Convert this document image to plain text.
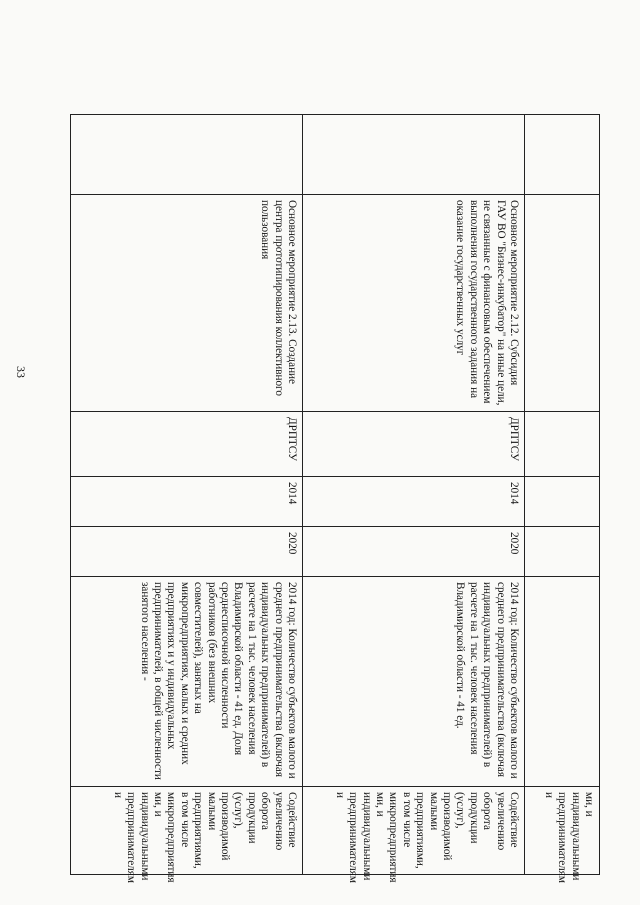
33
						ми, и индивидуальными предпринимателям и
	Основное мероприятие 2.12. Субсидия ГАУ ВО "Бизнес-инкубатор" на иные цели, не связанные с финансовым обеспечением выполнения государственного задания на оказание государственных услуг	ДРПТСУ	2014	2020	2014 год: Количество субъектов малого и среднего предпринимательства (включая индивидуальных предпринимателей) в расчете на 1 тыс. человек населения Владимирской области - 41 ед.	Содействие увеличению оборота продукции (услуг), производимой малыми предприятиями, в том числе микропредприятия ми, и индивидуальными предпринимателям и
	Основное мероприятие 2.13. Создание центра прототипирования коллективного пользования	ДРПТСУ	2014	2020	2014 год: Количество субъектов малого и среднего предпринимательства (включая индивидуальных предпринимателей) в расчете на 1 тыс. человек населения Владимирской области - 41 ед. Доля среднесписочной численности работников (без внешних совместителей), занятых на микропредприятиях, малых и средних предприятиях и у индивидуальных предпринимателей, в общей численности занятого населения -	Содействие увеличению оборота продукции (услуг), производимой малыми предприятиями, в том числе микропредприятия ми, и индивидуальными предпринимателям и
